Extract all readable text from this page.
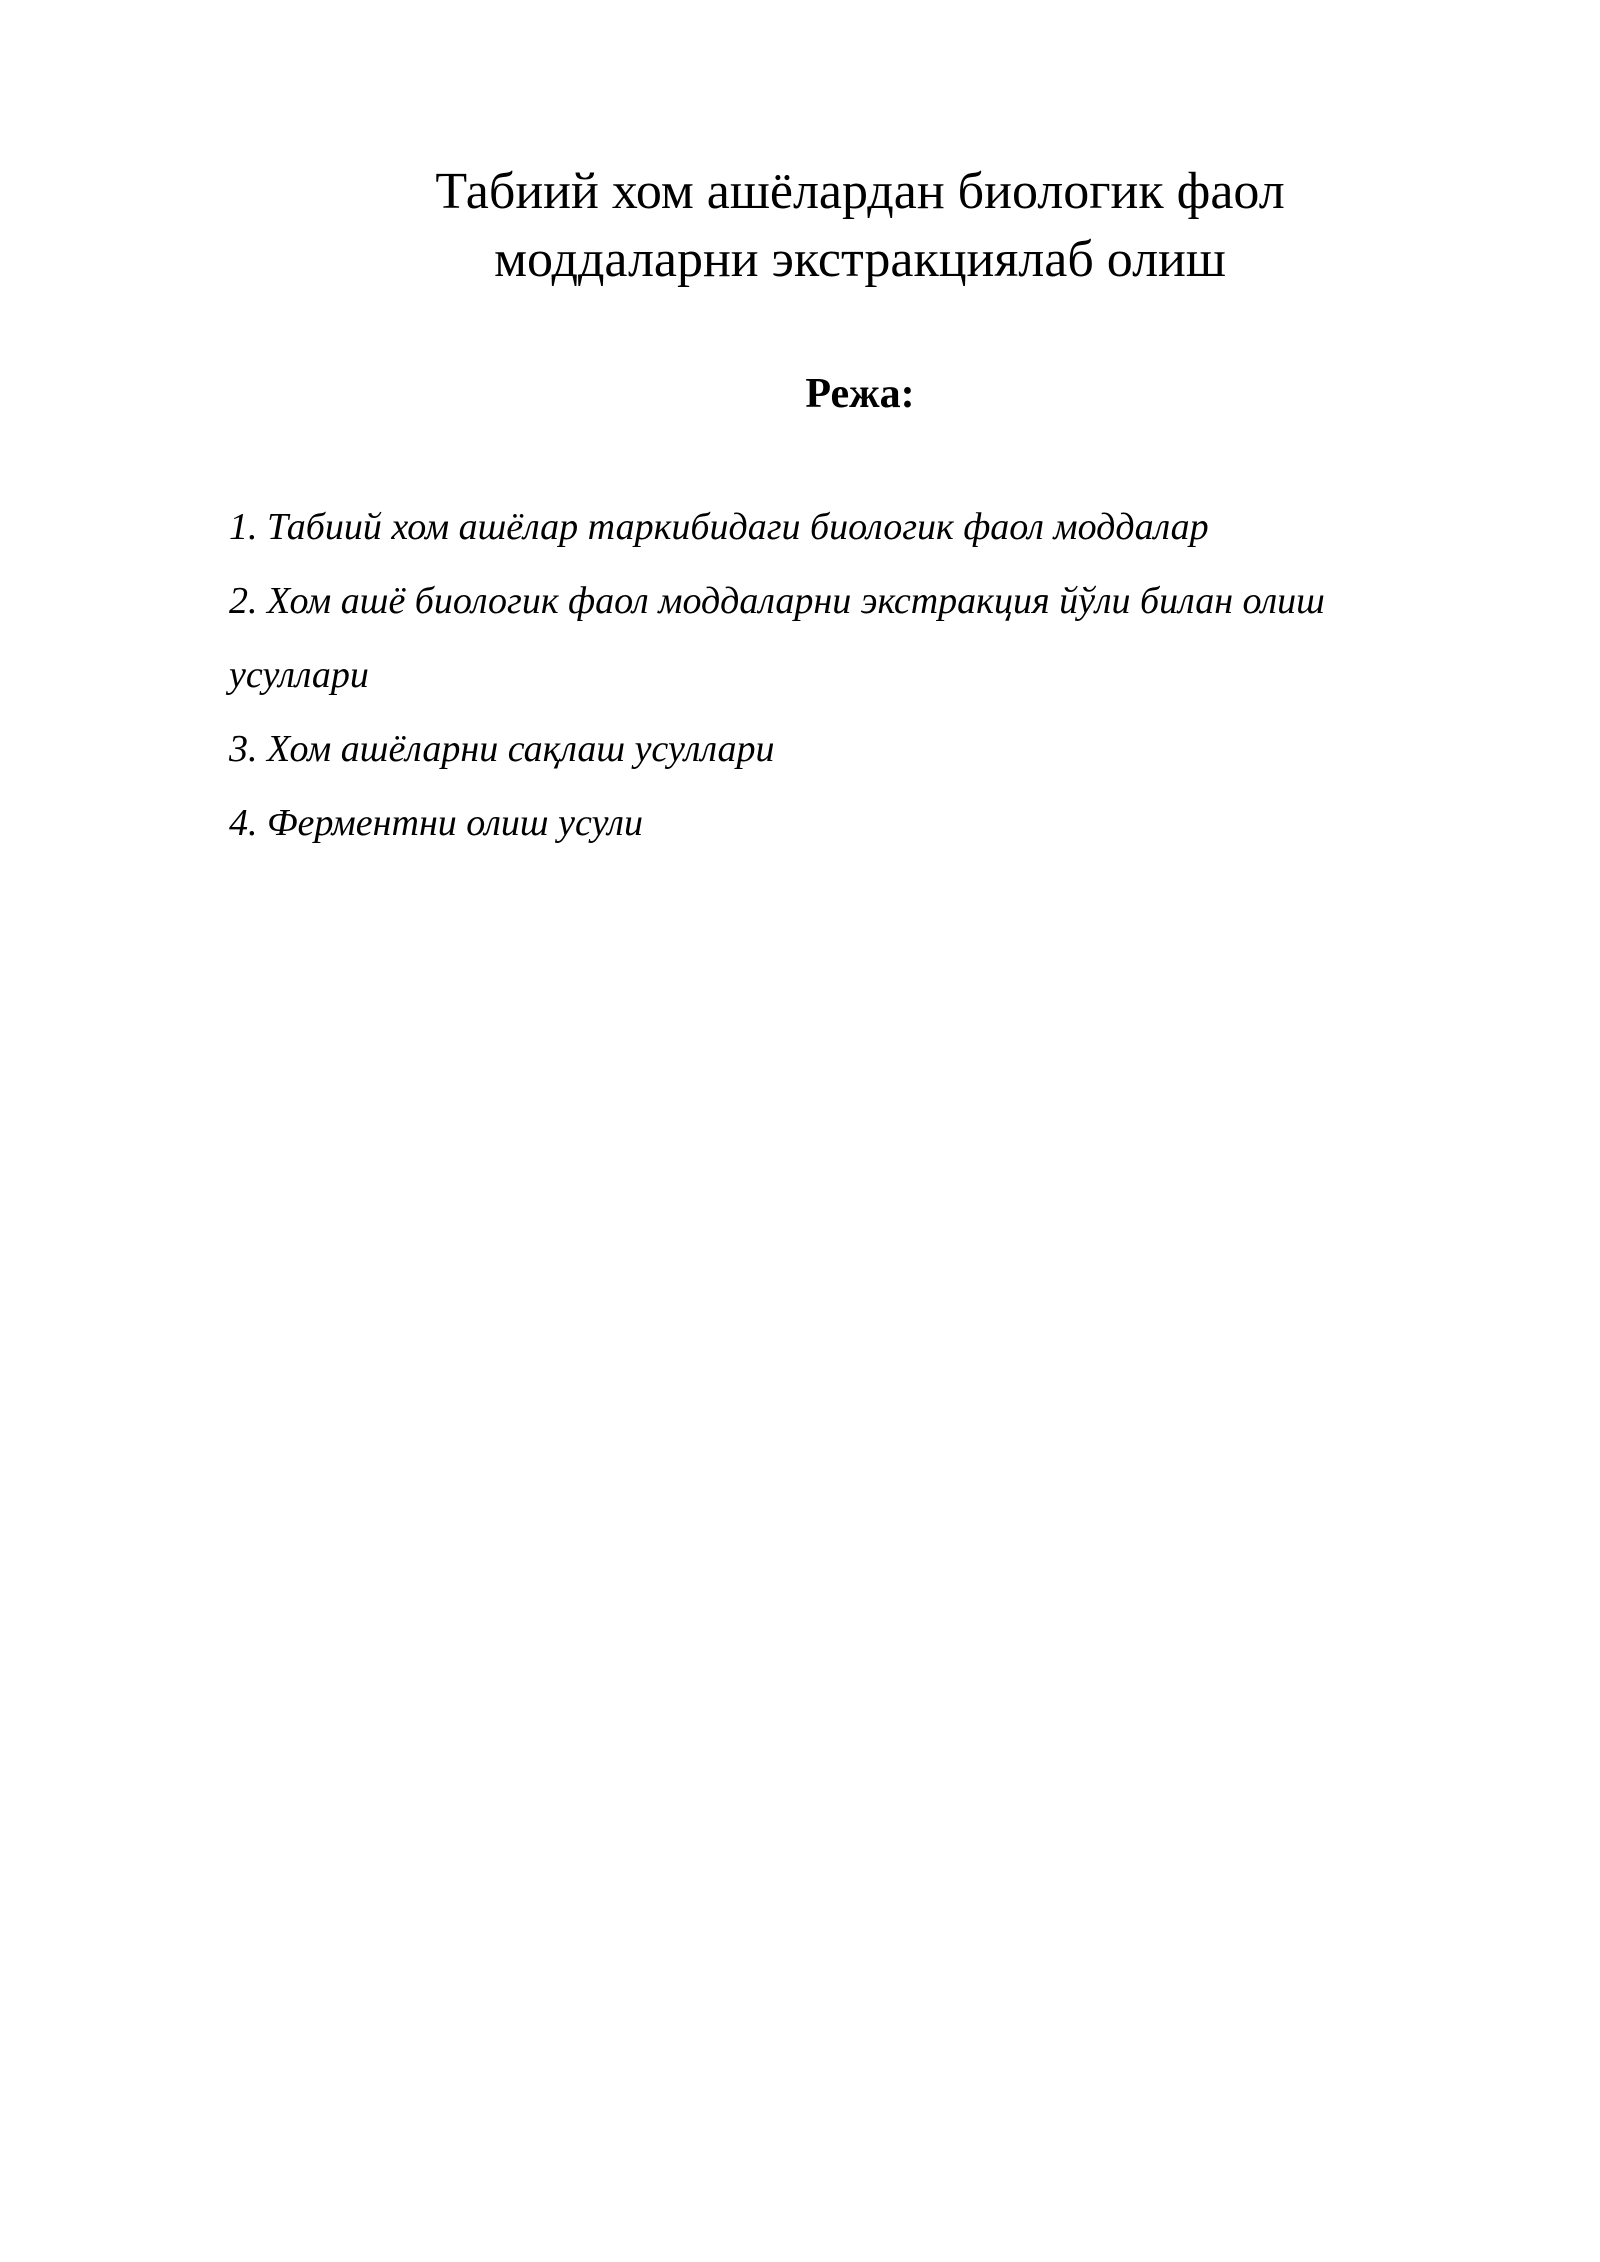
Табиий хом ашёлардан биологик фаол
моддаларни экстракциялаб олиш
Режа:
1. Табиий хом ашёлар таркибидаги биологик фаол моддалар
2. Хом ашё биологик фаол моддаларни экстракция йўли билан олиш
усуллари
3. Хом ашёларни сақлаш усуллари
4. Ферментни олиш усули
